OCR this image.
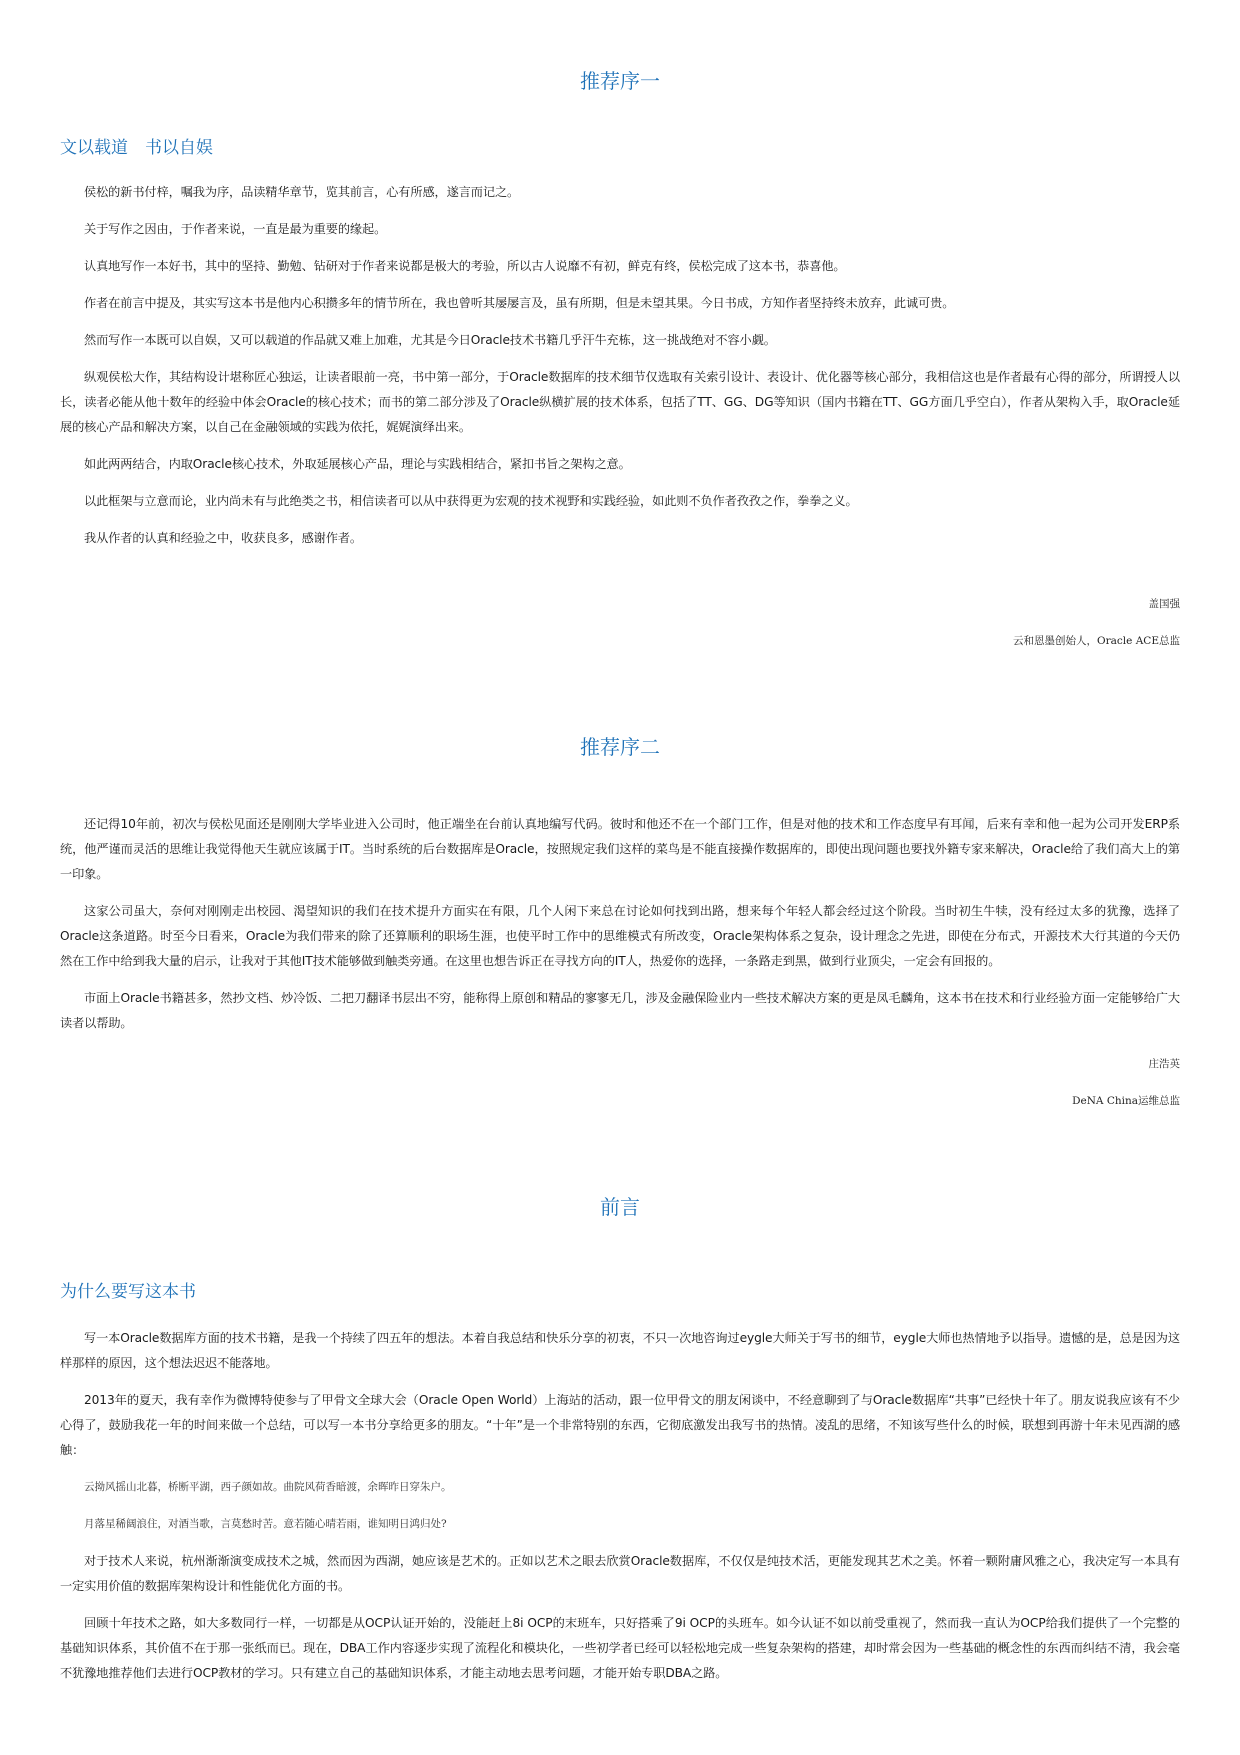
推荐序一
文以载道　书以自娱

侯松的新书付梓，嘱我为序，品读精华章节，览其前言，心有所感，遂言而记之。

关于写作之因由，于作者来说，一直是最为重要的缘起。

认真地写作一本好书，其中的坚持、勤勉、钻研对于作者来说都是极大的考验，所以古人说靡不有初，鲜克有终，侯松完成了这本书，恭喜他。

作者在前言中提及，其实写这本书是他内心积攒多年的情节所在，我也曾听其屡屡言及，虽有所期，但是未望其果。今日书成，方知作者坚持终未放弃，此诚可贵。

然而写作一本既可以自娱，又可以载道的作品就又难上加难，尤其是今日Oracle技术书籍几乎汗牛充栋，这一挑战绝对不容小觑。

纵观侯松大作，其结构设计堪称匠心独运，让读者眼前一亮，书中第一部分，于Oracle数据库的技术细节仅选取有关索引设计、表设计、优化器等核心部分，我相信这也是作者最有心得的部分，所谓授人以长，读者必能从他十数年的经验中体会Oracle的核心技术；而书的第二部分涉及了Oracle纵横扩展的技术体系，包括了TT、GG、DG等知识（国内书籍在TT、GG方面几乎空白），作者从架构入手，取Oracle延展的核心产品和解决方案，以自己在金融领域的实践为依托，娓娓演绎出来。

如此两两结合，内取Oracle核心技术，外取延展核心产品，理论与实践相结合，紧扣书旨之架构之意。

以此框架与立意而论，业内尚未有与此绝类之书，相信读者可以从中获得更为宏观的技术视野和实践经验，如此则不负作者孜孜之作，拳拳之义。

我从作者的认真和经验之中，收获良多，感谢作者。

盖国强
云和恩墨创始人，Oracle ACE总监
推荐序二

还记得10年前，初次与侯松见面还是刚刚大学毕业进入公司时，他正端坐在台前认真地编写代码。彼时和他还不在一个部门工作，但是对他的技术和工作态度早有耳闻，后来有幸和他一起为公司开发ERP系统，他严谨而灵活的思维让我觉得他天生就应该属于IT。当时系统的后台数据库是Oracle，按照规定我们这样的菜鸟是不能直接操作数据库的，即使出现问题也要找外籍专家来解决，Oracle给了我们高大上的第一印象。

这家公司虽大，奈何对刚刚走出校园、渴望知识的我们在技术提升方面实在有限，几个人闲下来总在讨论如何找到出路，想来每个年轻人都会经过这个阶段。当时初生牛犊，没有经过太多的犹豫，选择了Oracle这条道路。时至今日看来，Oracle为我们带来的除了还算顺利的职场生涯，也使平时工作中的思维模式有所改变，Oracle架构体系之复杂，设计理念之先进，即使在分布式，开源技术大行其道的今天仍然在工作中给到我大量的启示，让我对于其他IT技术能够做到触类旁通。在这里也想告诉正在寻找方向的IT人，热爱你的选择，一条路走到黑，做到行业顶尖，一定会有回报的。

市面上Oracle书籍甚多，然抄文档、炒冷饭、二把刀翻译书层出不穷，能称得上原创和精品的寥寥无几，涉及金融保险业内一些技术解决方案的更是凤毛麟角，这本书在技术和行业经验方面一定能够给广大读者以帮助。

庄浩英
DeNA China运维总监
前言
为什么要写这本书

写一本Oracle数据库方面的技术书籍，是我一个持续了四五年的想法。本着自我总结和快乐分享的初衷，不只一次地咨询过eygle大师关于写书的细节，eygle大师也热情地予以指导。遗憾的是，总是因为这样那样的原因，这个想法迟迟不能落地。

2013年的夏天，我有幸作为微博特使参与了甲骨文全球大会（Oracle Open World）上海站的活动，跟一位甲骨文的朋友闲谈中，不经意聊到了与Oracle数据库“共事”已经快十年了。朋友说我应该有不少心得了，鼓励我花一年的时间来做一个总结，可以写一本书分享给更多的朋友。“十年”是一个非常特别的东西，它彻底激发出我写书的热情。凌乱的思绪，不知该写些什么的时候，联想到再游十年未见西湖的感触：

云拗风摇山北暮，桥断平湖，西子颜如故。曲院风荷香暗渡，余晖昨日穿朱户。

月落星稀阔浪住，对酒当歌，言莫愁时苦。意若随心晴若雨，谁知明日鸿归处?

对于技术人来说，杭州渐渐演变成技术之城，然而因为西湖，她应该是艺术的。正如以艺术之眼去欣赏Oracle数据库，不仅仅是纯技术活，更能发现其艺术之美。怀着一颗附庸风雅之心，我决定写一本具有一定实用价值的数据库架构设计和性能优化方面的书。

回顾十年技术之路，如大多数同行一样，一切都是从OCP认证开始的，没能赶上8i OCP的末班车，只好搭乘了9i OCP的头班车。如今认证不如以前受重视了，然而我一直认为OCP给我们提供了一个完整的基础知识体系，其价值不在于那一张纸而已。现在，DBA工作内容逐步实现了流程化和模块化，一些初学者已经可以轻松地完成一些复杂架构的搭建，却时常会因为一些基础的概念性的东西而纠结不清，我会毫不犹豫地推荐他们去进行OCP教材的学习。只有建立自己的基础知识体系，才能主动地去思考问题，才能开始专职DBA之路。
